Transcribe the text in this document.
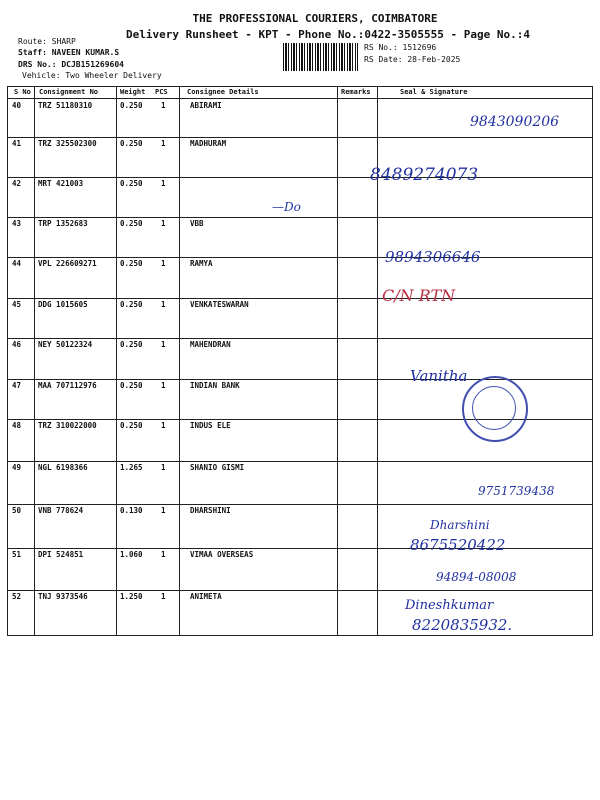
THE PROFESSIONAL COURIERS, COIMBATORE
Delivery Runsheet - KPT - Phone No.:0422-3505555 - Page No.:4
Route: SHARP
Staff: NAVEEN KUMAR.S
DRS No.: DCJB151269604
Vehicle: Two Wheeler Delivery
RS No.: 1512696
RS Date: 28-Feb-2025
S No Consignment No	Weight PCS	Consignee Details	Remarks	Seal & Signature
40 TRZ 51180310	0.250 1	ABIRAMI
41 TRZ 325502300	0.250 1	MADHURAM
42 MRT 421003	0.250 1
43 TRP 1352683	0.250 1	VBB
44 VPL 226609271	0.250 1	RAMYA
45 DDG 1015605	0.250 1	VENKATESWARAN
46 NEY 50122324	0.250 1	MAHENDRAN
47 MAA 707112976	0.250 1	INDIAN BANK
48 TRZ 310022000	0.250 1	INDUS ELE
49 NGL 6198366	1.265 1	SHANIO GISMI
50 VNB 778624	0.130 1	DHARSHINI
51 DPI 524851	1.060 1	VIMAA OVERSEAS
52 TNJ 9373546	1.250 1	ANIMETA
9843090206
8489274073
—Do
9894306646
C/N RTN
Vanitha
9751739438
Dharshini
8675520422
94894-08008
Dineshkumar
8220835932.
